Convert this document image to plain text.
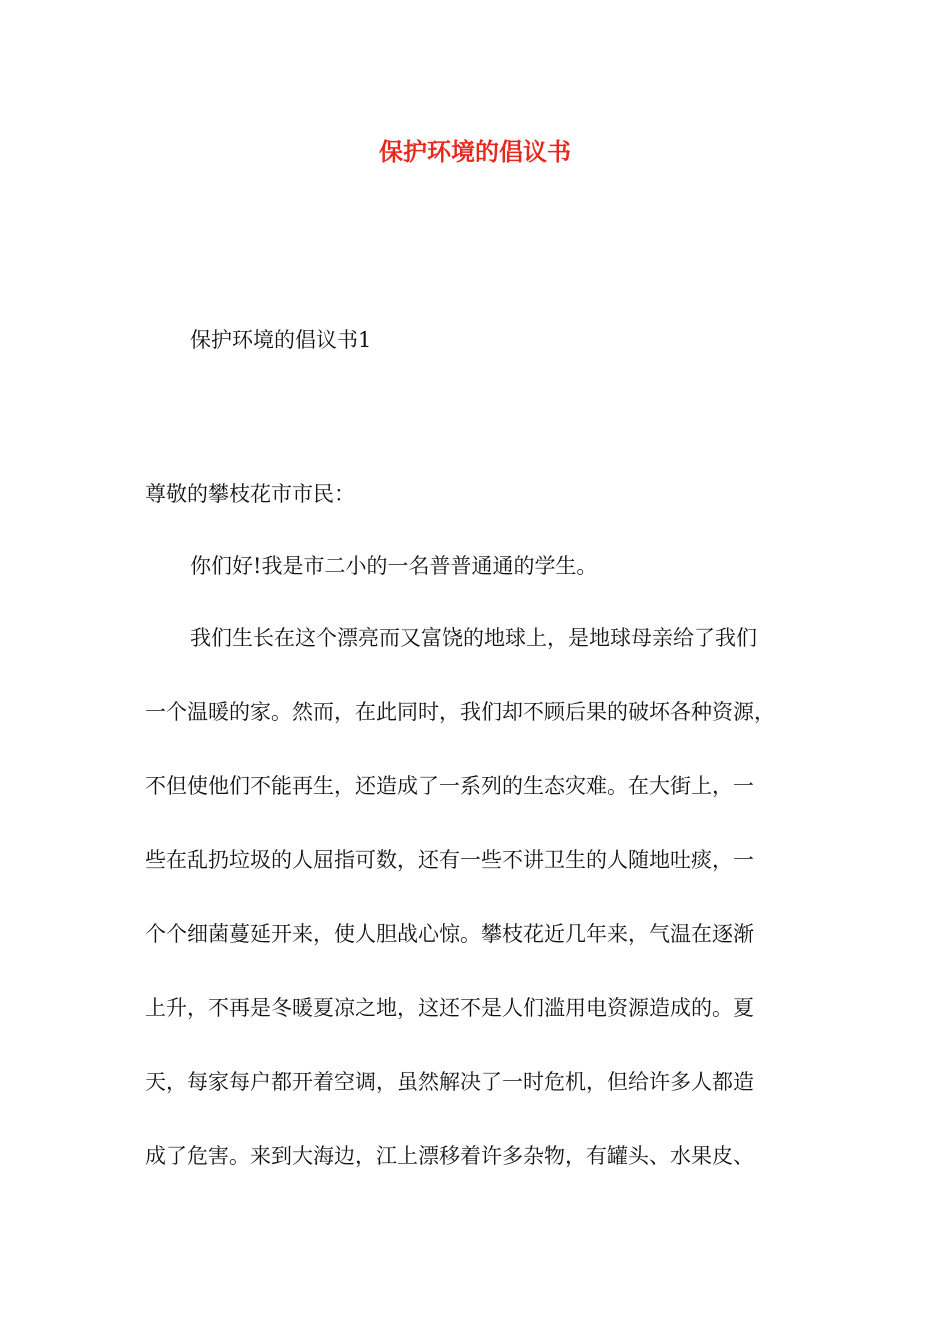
保护环境的倡议书
保护环境的倡议书1
尊敬的攀枝花市市民：
你们好!我是市二小的一名普普通通的学生。
我们生长在这个漂亮而又富饶的地球上，是地球母亲给了我们
一个温暖的家。然而，在此同时，我们却不顾后果的破坏各种资源，
不但使他们不能再生，还造成了一系列的生态灾难。在大街上，一
些在乱扔垃圾的人屈指可数，还有一些不讲卫生的人随地吐痰，一
个个细菌蔓延开来，使人胆战心惊。攀枝花近几年来，气温在逐渐
上升，不再是冬暖夏凉之地，这还不是人们滥用电资源造成的。夏
天，每家每户都开着空调，虽然解决了一时危机，但给许多人都造
成了危害。来到大海边，江上漂移着许多杂物，有罐头、水果皮、
